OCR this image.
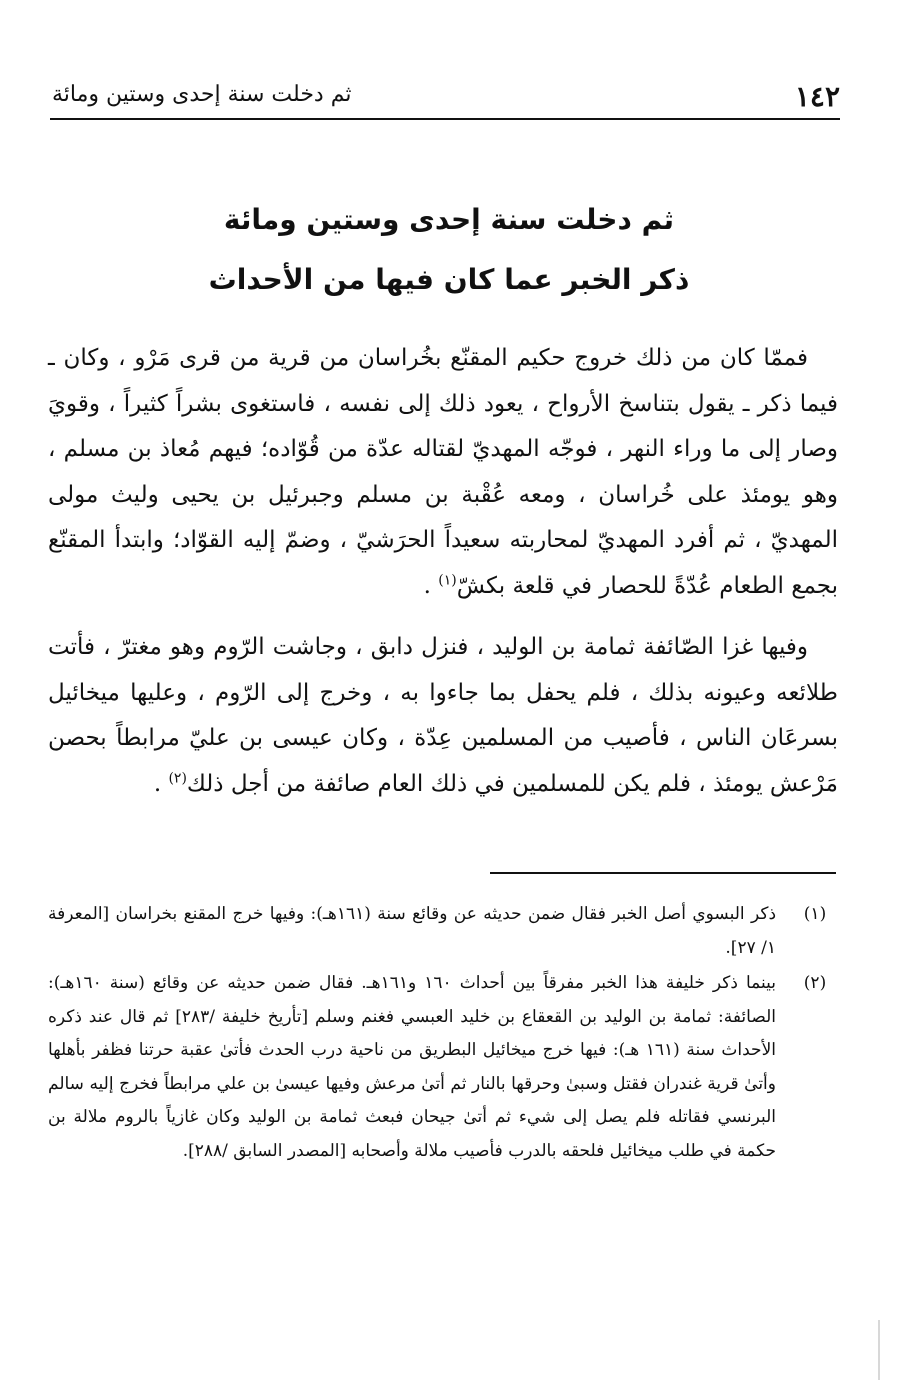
١٤٢
ثم دخلت سنة إحدى وستين ومائة
ثم دخلت سنة إحدى وستين ومائة
ذكر الخبر عما كان فيها من الأحداث

فممّا كان من ذلك خروج حكيم المقنّع بخُراسان من قرية من قرى مَرْو ، وكان ـ فيما ذكر ـ يقول بتناسخ الأرواح ، يعود ذلك إلى نفسه ، فاستغوى بشراً كثيراً ، وقويَ وصار إلى ما وراء النهر ، فوجّه المهديّ لقتاله عدّة من قُوّاده؛ فيهم مُعاذ بن مسلم ، وهو يومئذ على خُراسان ، ومعه عُقْبة بن مسلم وجبرئيل بن يحيى وليث مولى المهديّ ، ثم أفرد المهديّ لمحاربته سعيداً الحرَشيّ ، وضمّ إليه القوّاد؛ وابتدأ المقنّع بجمع الطعام عُدّةً للحصار في قلعة بكشّ$^{(١)}$ .

وفيها غزا الصّائفة ثمامة بن الوليد ، فنزل دابق ، وجاشت الرّوم وهو مغترّ ، فأتت طلائعه وعيونه بذلك ، فلم يحفل بما جاءوا به ، وخرج إلى الرّوم ، وعليها ميخائيل بسرعَان الناس ، فأصيب من المسلمين عِدّة ، وكان عيسى بن عليّ مرابطاً بحصن مَرْعش يومئذ ، فلم يكن للمسلمين في ذلك العام صائفة من أجل ذلك$^{(٢)}$ .

(١)
ذكر البسوي أصل الخبر فقال ضمن حديثه عن وقائع سنة (١٦١هـ): وفيها خرج المقنع بخراسان [المعرفة ١/ ٢٧].
(٢)
بينما ذكر خليفة هذا الخبر مفرقاً بين أحداث ١٦٠ و١٦١هـ. فقال ضمن حديثه عن وقائع (سنة ١٦٠هـ): الصائفة: ثمامة بن الوليد بن القعقاع بن خليد العبسي فغنم وسلم [تأريخ خليفة /٢٨٣] ثم قال عند ذكره الأحداث سنة (١٦١ هـ): فيها خرج ميخائيل البطريق من ناحية درب الحدث فأتىٰ عقبة حرتنا فظفر بأهلها وأتىٰ قرية غندران فقتل وسبىٰ وحرقها بالنار ثم أتىٰ مرعش وفيها عيسىٰ بن علي مرابطاً فخرج إليه سالم البرنسي فقاتله فلم يصل إلى شيء ثم أتىٰ جيحان فبعث ثمامة بن الوليد وكان غازياً بالروم ملالة بن حكمة في طلب ميخائيل فلحقه بالدرب فأصيب ملالة وأصحابه [المصدر السابق /٢٨٨].
